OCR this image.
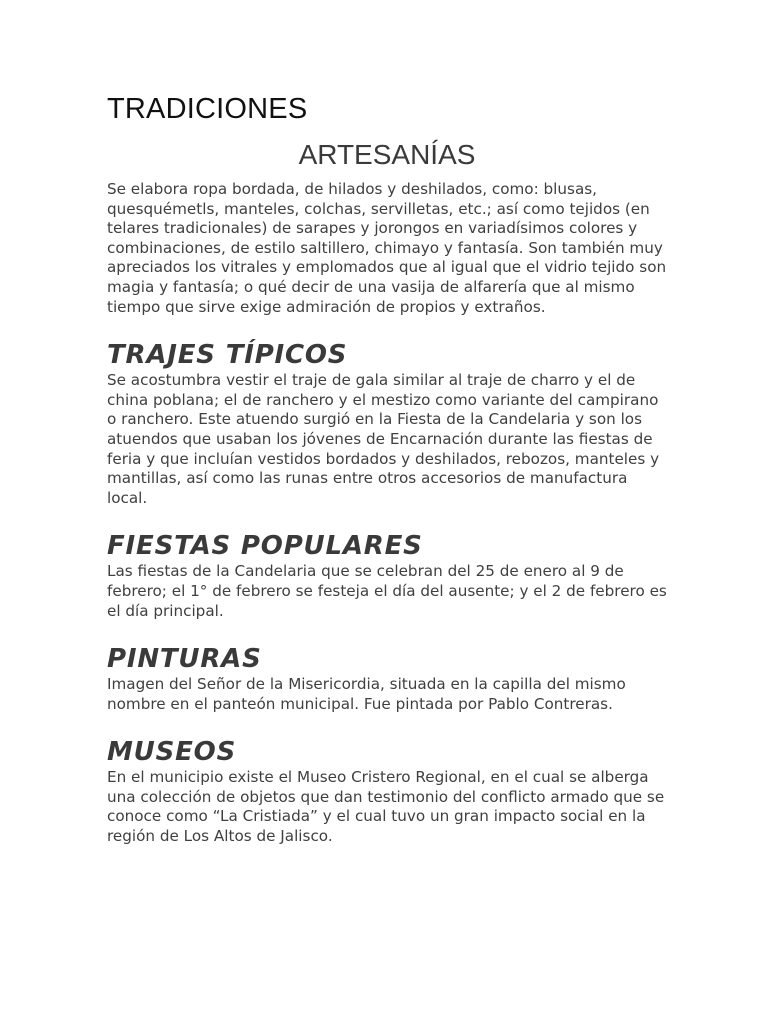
TRADICIONES
ARTESANÍAS

Se elabora ropa bordada, de hilados y deshilados, como: blusas, quesquémetls, manteles, colchas, servilletas, etc.; así como tejidos (en telares tradicionales) de sarapes y jorongos en variadísimos colores y combinaciones, de estilo saltillero, chimayo y fantasía. Son también muy apreciados los vitrales y emplomados que al igual que el vidrio tejido son magia y fantasía; o qué decir de una vasija de alfarería que al mismo tiempo que sirve exige admiración de propios y extraños.

TRAJES TÍPICOS

Se acostumbra vestir el traje de gala similar al traje de charro y el de china poblana; el de ranchero y el mestizo como variante del campirano o ranchero. Este atuendo surgió en la Fiesta de la Candelaria y son los atuendos que usaban los jóvenes de Encarnación durante las fiestas de feria y que incluían vestidos bordados y deshilados, rebozos, manteles y mantillas, así como las runas entre otros accesorios de manufactura local.

FIESTAS POPULARES

Las fiestas de la Candelaria que se celebran del 25 de enero al 9 de febrero; el 1° de febrero se festeja el día del ausente; y el 2 de febrero es el día principal.

PINTURAS

Imagen del Señor de la Misericordia, situada en la capilla del mismo nombre en el panteón municipal. Fue pintada por Pablo Contreras.

MUSEOS

En el municipio existe el Museo Cristero Regional, en el cual se alberga una colección de objetos que dan testimonio del conflicto armado que se conoce como “La Cristiada” y el cual tuvo un gran impacto social en la región de Los Altos de Jalisco.
